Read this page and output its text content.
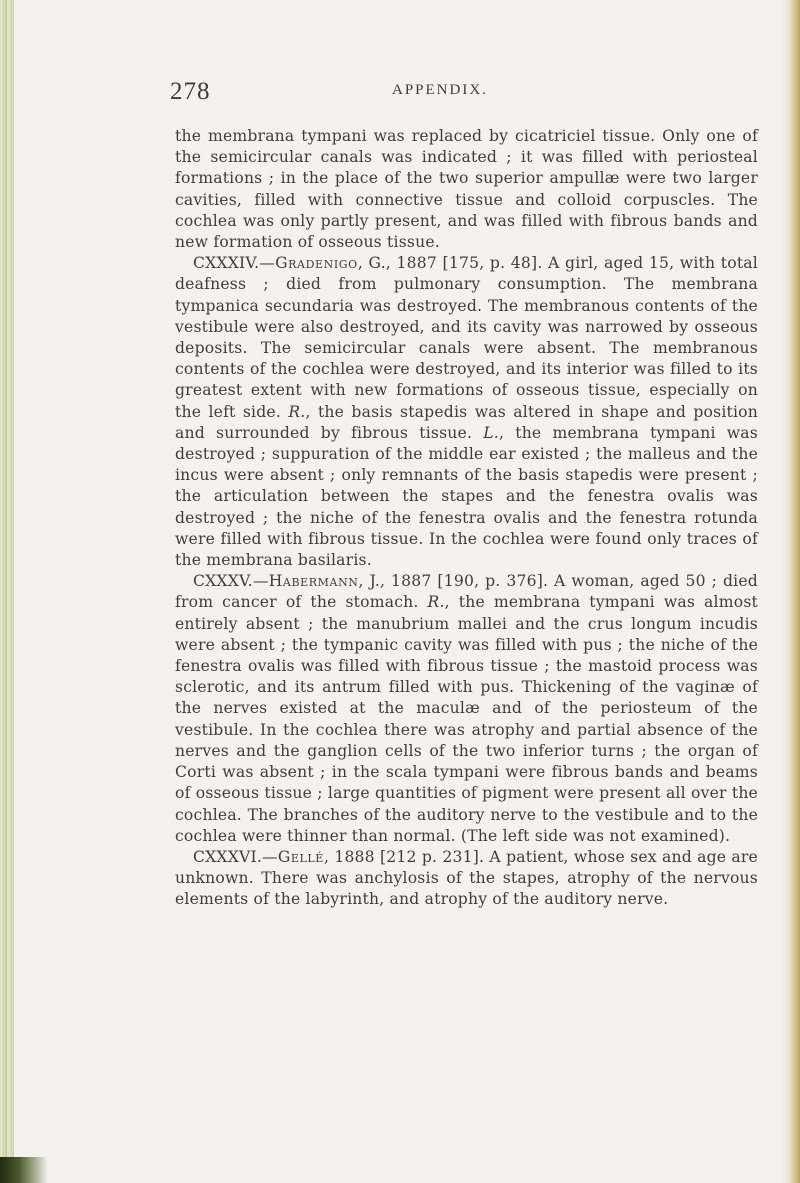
278	APPENDIX.

the membrana tympani was replaced by cicatriciel tissue. Only one of the semicircular canals was indicated ; it was filled with periosteal formations ; in the place of the two superior ampullæ were two larger cavities, filled with connective tissue and colloid corpuscles. The cochlea was only partly present, and was filled with fibrous bands and new formation of osseous tissue.

CXXXIV.—Gradenigo, G., 1887 [175, p. 48]. A girl, aged 15, with total deafness ; died from pulmonary consumption. The membrana tympanica secundaria was destroyed. The membranous contents of the vestibule were also destroyed, and its cavity was narrowed by osseous deposits. The semicircular canals were absent. The membranous contents of the cochlea were destroyed, and its interior was filled to its greatest extent with new formations of osseous tissue, especially on the left side. R., the basis stapedis was altered in shape and position and surrounded by fibrous tissue. L., the membrana tympani was destroyed ; suppuration of the middle ear existed ; the malleus and the incus were absent ; only remnants of the basis stapedis were present ; the articulation between the stapes and the fenestra ovalis was destroyed ; the niche of the fenestra ovalis and the fenestra rotunda were filled with fibrous tissue. In the cochlea were found only traces of the membrana basilaris.

CXXXV.—Habermann, J., 1887 [190, p. 376]. A woman, aged 50 ; died from cancer of the stomach. R., the membrana tympani was almost entirely absent ; the manubrium mallei and the crus longum incudis were absent ; the tympanic cavity was filled with pus ; the niche of the fenestra ovalis was filled with fibrous tissue ; the mastoid process was sclerotic, and its antrum filled with pus. Thickening of the vaginæ of the nerves existed at the maculæ and of the periosteum of the vestibule. In the cochlea there was atrophy and partial absence of the nerves and the ganglion cells of the two inferior turns ; the organ of Corti was absent ; in the scala tympani were fibrous bands and beams of osseous tissue ; large quantities of pigment were present all over the cochlea. The branches of the auditory nerve to the vestibule and to the cochlea were thinner than normal. (The left side was not examined).

CXXXVI.—Gellé, 1888 [212 p. 231]. A patient, whose sex and age are unknown. There was anchylosis of the stapes, atrophy of the nervous elements of the labyrinth, and atrophy of the auditory nerve.
